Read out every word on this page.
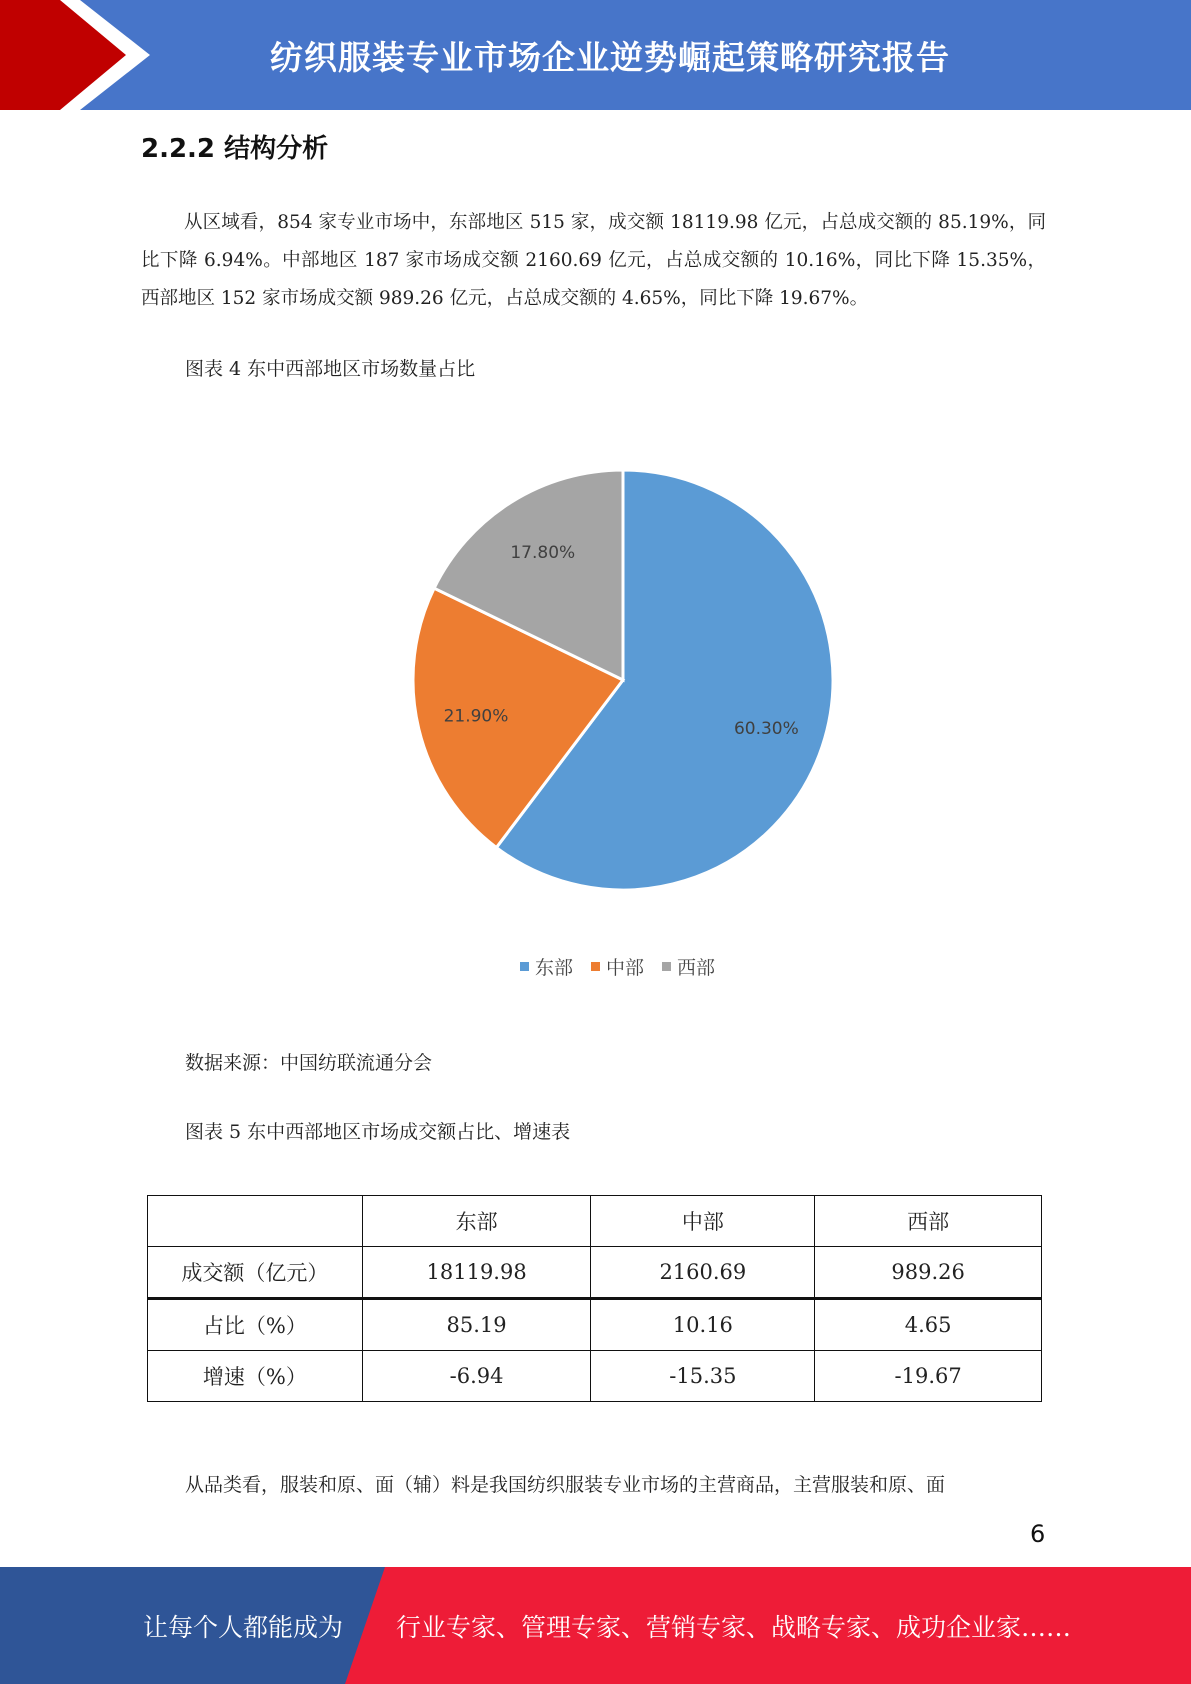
纺织服装专业市场企业逆势崛起策略研究报告
2.2.2 结构分析
从区域看，854 家专业市场中，东部地区 515 家，成交额 18119.98 亿元，占总成交额的 85.19%，同比下降 6.94%。中部地区 187 家市场成交额 2160.69 亿元，占总成交额的 10.16%，同比下降 15.35%，西部地区 152 家市场成交额 989.26 亿元，占总成交额的 4.65%，同比下降 19.67%。
图表 4 东中西部地区市场数量占比
60.30%
21.90%
17.80%
东部 中部 西部
数据来源：中国纺联流通分会
图表 5 东中西部地区市场成交额占比、增速表
	东部	中部	西部
成交额（亿元）	18119.98	2160.69	989.26
占比（%）	85.19	10.16	4.65
增速（%）	-6.94	-15.35	-19.67
从品类看，服装和原、面（辅）料是我国纺织服装专业市场的主营商品，主营服装和原、面
6
让每个人都能成为 行业专家、管理专家、营销专家、战略专家、成功企业家……
